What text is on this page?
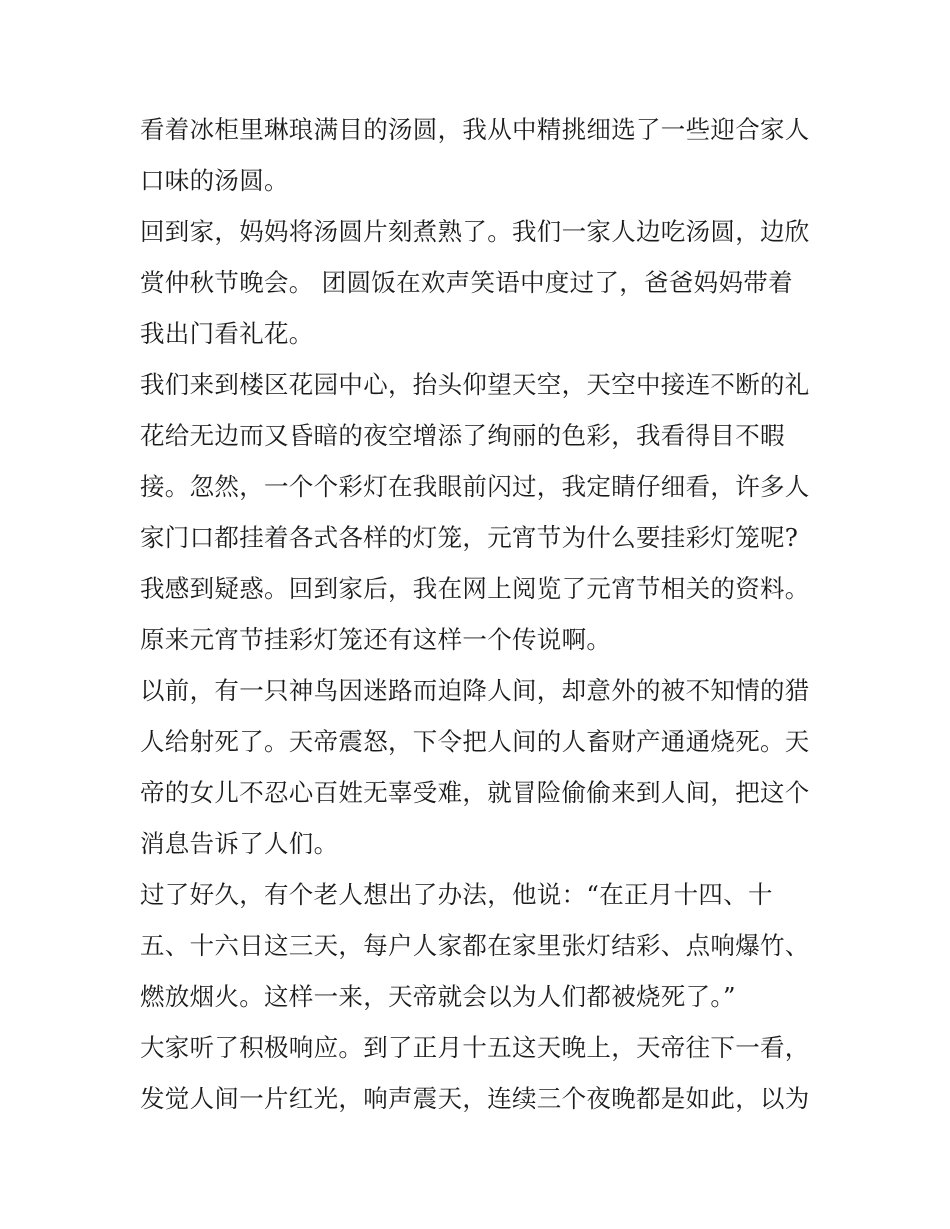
看着冰柜里琳琅满目的汤圆，我从中精挑细选了一些迎合家人
口味的汤圆。
回到家，妈妈将汤圆片刻煮熟了。我们一家人边吃汤圆，边欣
赏仲秋节晚会。 团圆饭在欢声笑语中度过了，爸爸妈妈带着
我出门看礼花。
我们来到楼区花园中心，抬头仰望天空，天空中接连不断的礼
花给无边而又昏暗的夜空增添了绚丽的色彩，我看得目不暇
接。忽然，一个个彩灯在我眼前闪过，我定睛仔细看，许多人
家门口都挂着各式各样的灯笼，元宵节为什么要挂彩灯笼呢?
我感到疑惑。回到家后，我在网上阅览了元宵节相关的资料。
原来元宵节挂彩灯笼还有这样一个传说啊。
以前，有一只神鸟因迷路而迫降人间，却意外的被不知情的猎
人给射死了。天帝震怒，下令把人间的人畜财产通通烧死。天
帝的女儿不忍心百姓无辜受难，就冒险偷偷来到人间，把这个
消息告诉了人们。
过了好久，有个老人想出了办法，他说：“在正月十四、十
五、十六日这三天，每户人家都在家里张灯结彩、点响爆竹、
燃放烟火。这样一来，天帝就会以为人们都被烧死了。”
大家听了积极响应。到了正月十五这天晚上，天帝往下一看，
发觉人间一片红光，响声震天，连续三个夜晚都是如此，以为
